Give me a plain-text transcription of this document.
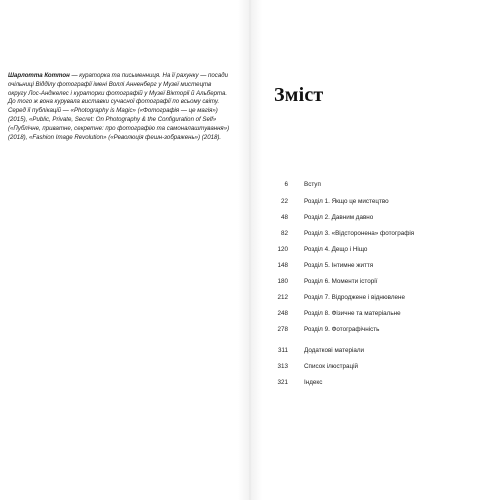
Шарлотта Коттон — кураторка та письменниця. На її рахунку — посади очільниці Відділу фотографії імені Воллі Анненберг у Музеї мистецтв округу Лос-Анджелес і кураторки фотографій у Музеї Вікторії й Альберта. До того ж вона курувала виставки сучасної фотографії по всьому світу. Серед її публікацій — «Photography is Magic» («Фотографія — це магія») (2015), «Public, Private, Secret: On Photography & the Configuration of Self» («Публічне, приватне, секретне: про фотографію та самоналаштування») (2018), «Fashion Image Revolution» («Революція фешн-зображень») (2018).

Зміст
6	Вступ
22	Розділ 1. Якщо це мистецтво
48	Розділ 2. Давним давно
82	Розділ 3. «Відсторонена» фотографія
120	Розділ 4. Дещо і Ніщо
148	Розділ 5. Інтимне життя
180	Розділ 6. Моменти історії
212	Розділ 7. Відроджене і віднювлене
248	Розділ 8. Фізичне та матеріальне
278	Розділ 9. Фотографічність
311	Додаткові матеріали
313	Список ілюстрацій
321	Індекс
